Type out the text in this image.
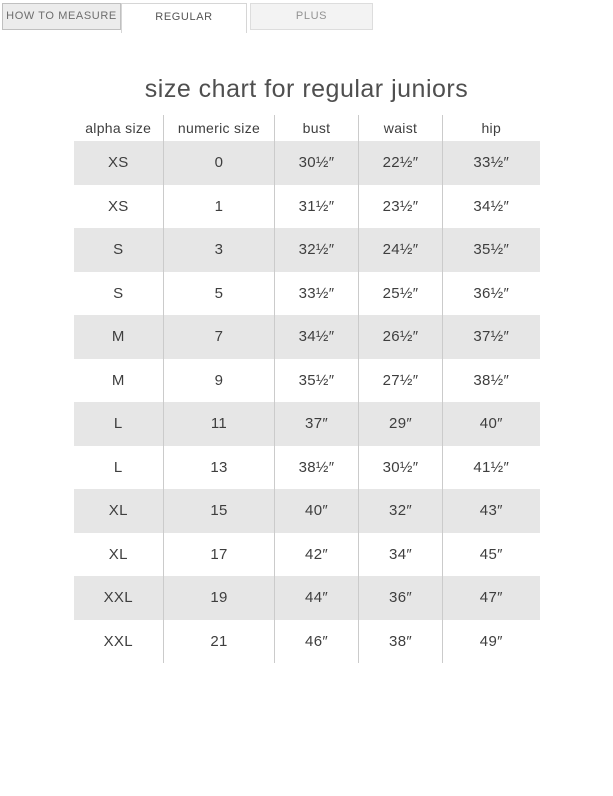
HOW TO MEASURE	REGULAR	PLUS
size chart for regular juniors
alpha size	numeric size	bust	waist	hip
XS	0	30½″	22½″	33½″
XS	1	31½″	23½″	34½″
S	3	32½″	24½″	35½″
S	5	33½″	25½″	36½″
M	7	34½″	26½″	37½″
M	9	35½″	27½″	38½″
L	11	37″	29″	40″
L	13	38½″	30½″	41½″
XL	15	40″	32″	43″
XL	17	42″	34″	45″
XXL	19	44″	36″	47″
XXL	21	46″	38″	49″
